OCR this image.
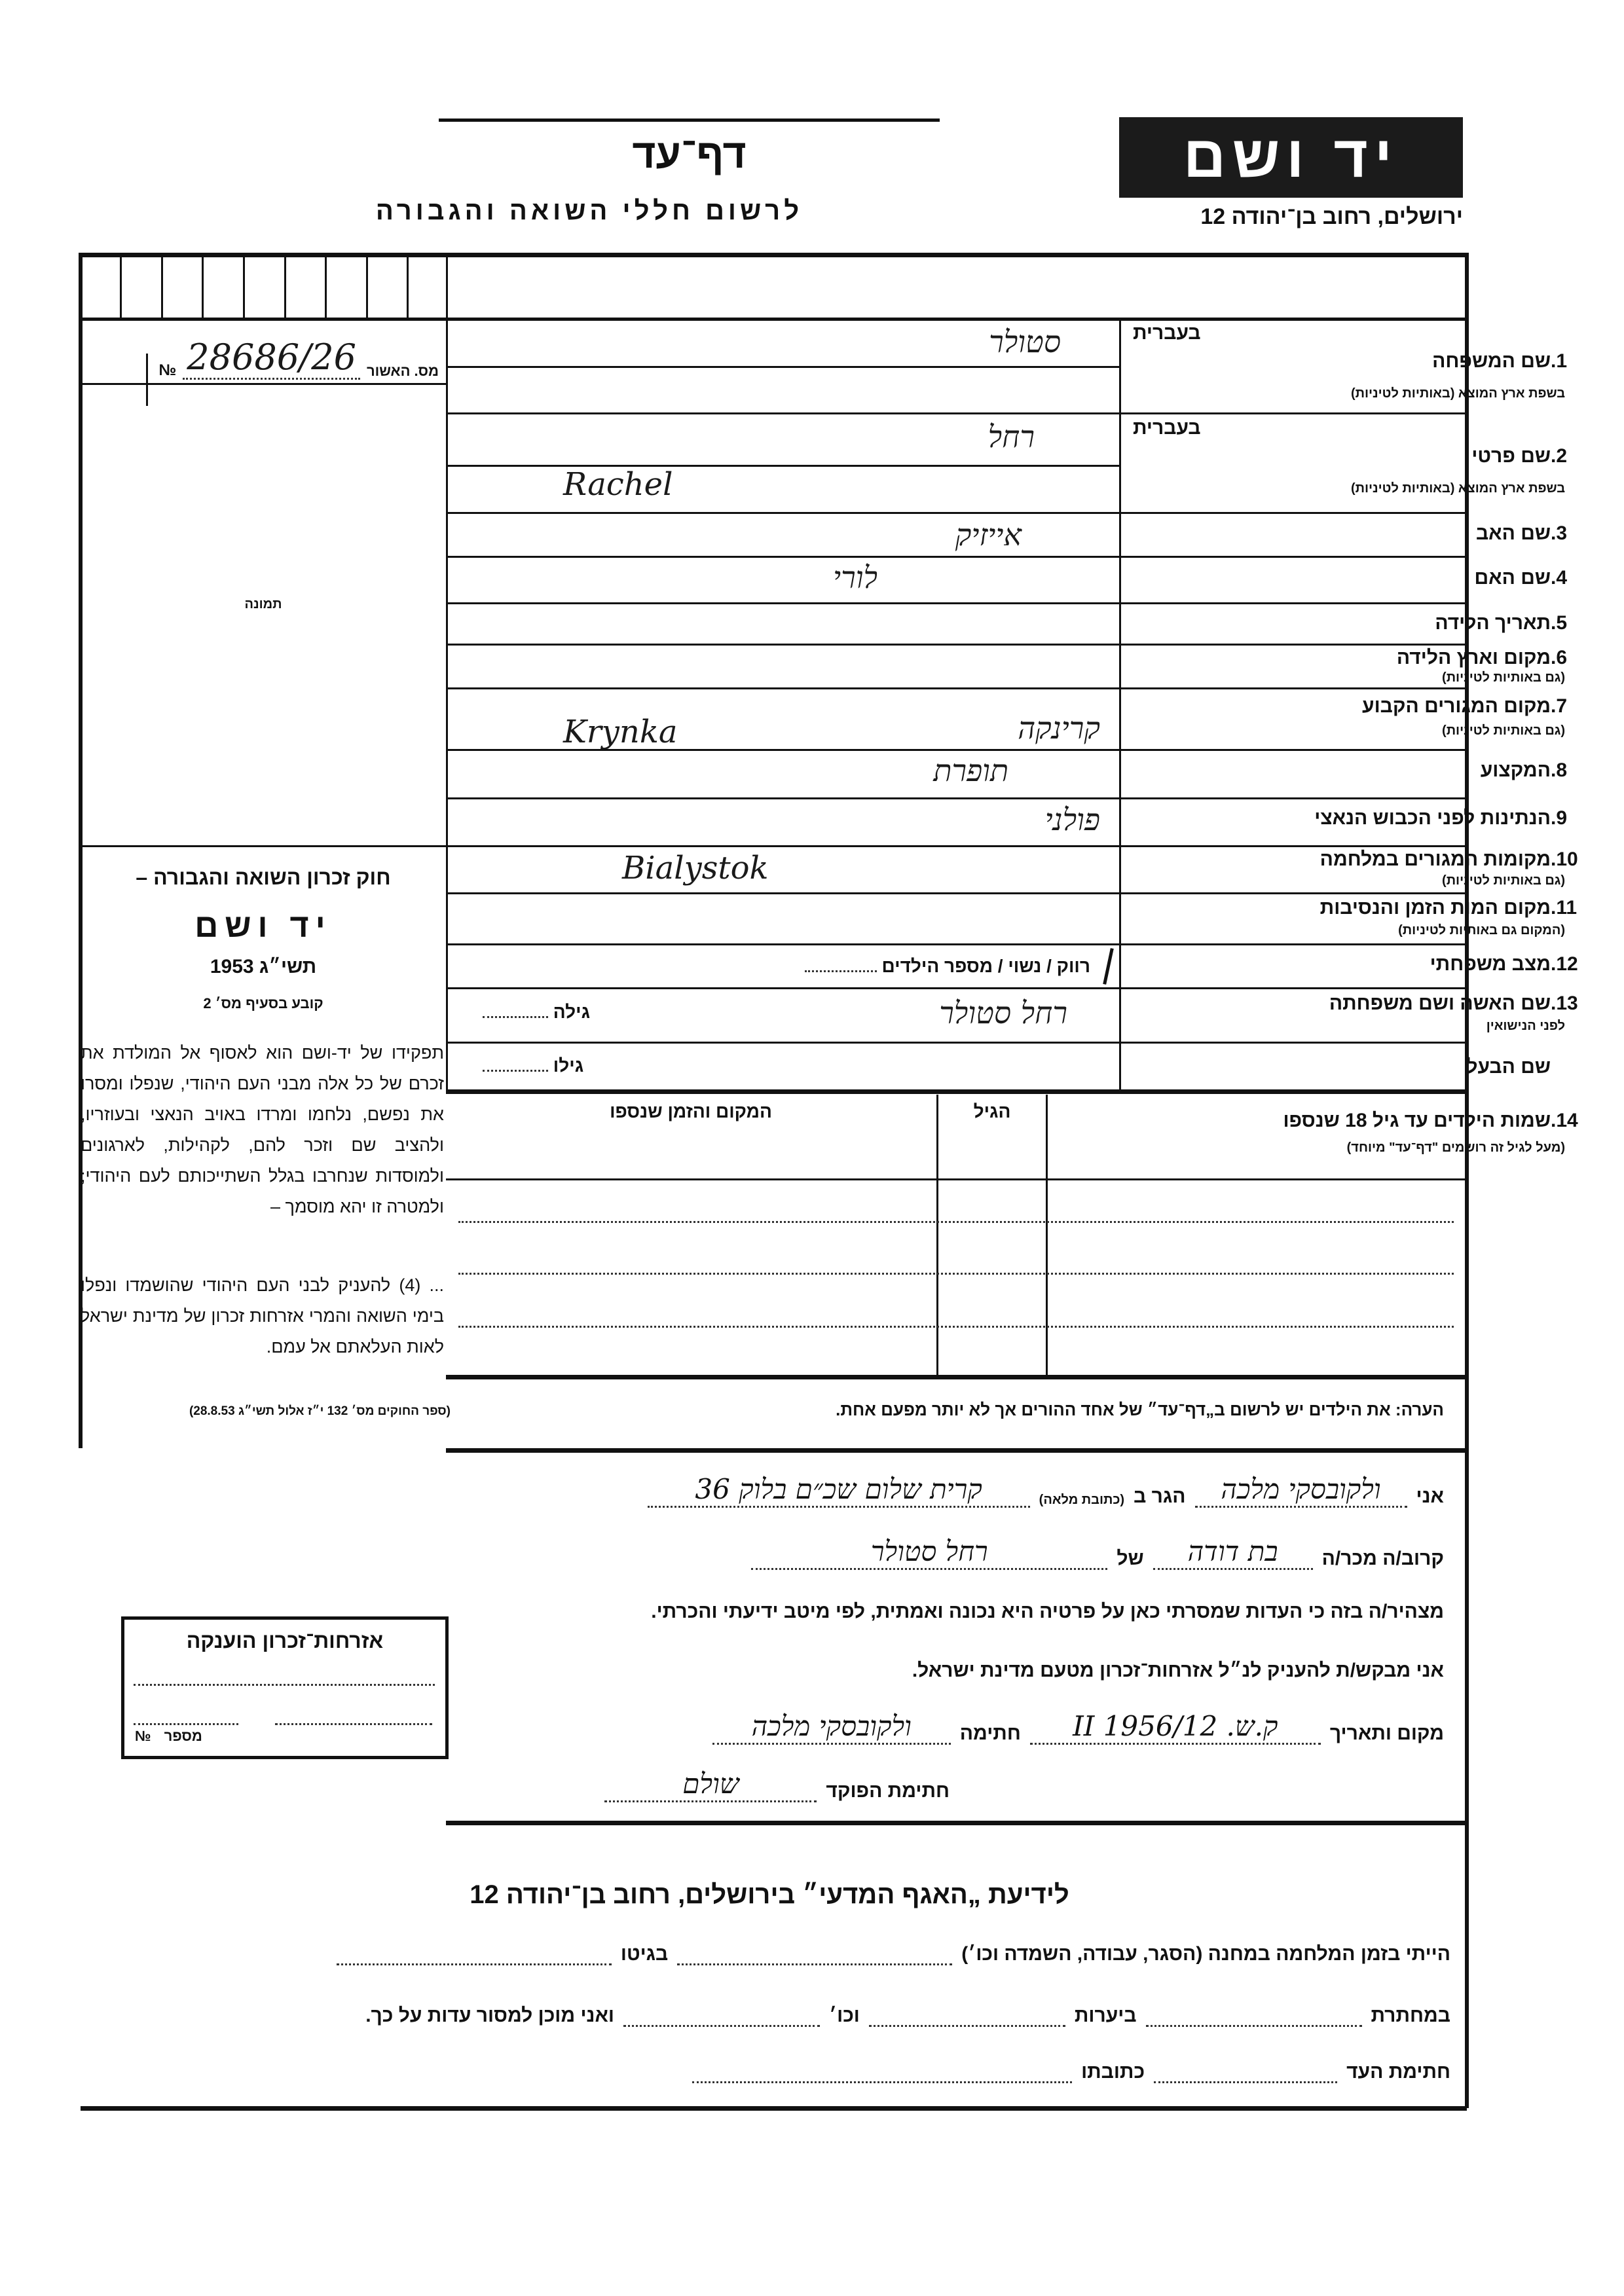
יד ושם
ירושלים, רחוב בן־יהודה 12
דף־עד
לרשום חללי השואה והגבורה
מס. האשור
28686/26
№
תמונה
חוק זכרון השואה והגבורה –
יד ושם
תשי״ג 1953
קובע בסעיף מס׳ 2
תפקידו של יד-ושם הוא לאסוף אל המולדת את זכרם של כל אלה מבני העם היהודי, שנפלו ומסרו את נפשם, נלחמו ומרדו באויב הנאצי ובעוזריו, ולהציב שם וזכר להם, לקהילות, לארגונים ולמוסדות שנחרבו בגלל השתייכותם לעם היהודי; ולמטרה זו יהא מוסמך –
... (4) להעניק לבני העם היהודי שהושמדו ונפלו בימי השואה והמרי אזרחות זכרון של מדינת ישראל לאות העלאתם אל עמם.
(ספר החוקים מס׳ 132 י״ז אלול תשי״ג 28.8.53)
בעברית
1.שם המשפחה
בשפת ארץ המוצא (באותיות לטיניות)
בעברית
2.שם פרטי
בשפת ארץ המוצא (באותיות לטיניות)
3.שם האב
4.שם האם
5.תאריך הלידה
6.מקום וארץ הלידה
(גם באותיות לטיניות)
7.מקום המגורים הקבוע
(גם באותיות לטיניות)
8.המקצוע
9.הנתינות לפני הכבוש הנאצי
10.מקומות המגורים במלחמה
(גם באותיות לטיניות)
11.מקום המות הזמן והנסיבות
(המקום גם באותיות לטיניות)
12.מצב משפחתי
13.שם האשה ושם משפחתה
לפני הנישואין
שם הבעל
סטולר
רחל
Rachel
אייזיק
לורי
קרינקה
Krynka
תופרת
פולני
Bialystok
רווק / נשוי / מספר הילדים
רחל סטולר
גילה
גילו
14.שמות הילדים עד גיל 18 שנספו
(מעל לגיל זה רושמים "דף־עד" מיוחד)
הגיל
המקום והזמן שנספו
הערה: את הילדים יש לרשום ב„דף־עד״ של אחד ההורים אך לא יותר מפעם אחת.
אני
ולקובסקי מלכה
הגר ב
(כתובת מלאה)
קרית שלום שכ״ם בלוק 36
קרוב/ה מכר/ה
בת דודה
של
רחל סטולר
מצהיר/ה בזה כי העדות שמסרתי כאן על פרטיה היא נכונה ואמתית, לפי מיטב ידיעתי והכרתי.
אני מבקש/ת להעניק לנ״ל אזרחות־זכרון מטעם מדינת ישראל.
מקום ותאריך
ק.ש. 12/II 1956
חתימה
ולקובסקי מלכה
חתימת הפוקד
שולם
אזרחות־זכרון הוענקה
№ מספר
לידיעת „האגף המדעי״ בירושלים, רחוב בן־יהודה 12
הייתי בזמן המלחמה במחנה (הסגר, עבודה, השמדה וכו׳)
בגיטו
במחתרת
ביערות
וכו׳
ואני מוכן למסור עדות על כך.
חתימת העד
כתובתו
